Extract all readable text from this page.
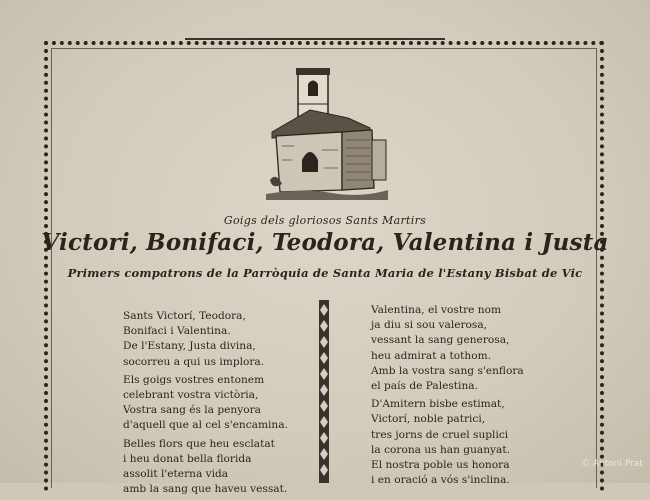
Goigs dels gloriosos Sants Martirs
Victori, Bonifaci, Teodora, Valentina i Justa
Primers compatrons de la Parròquia de Santa Maria de l'Estany Bisbat de Vic
Sants Victorí, Teodora,
Bonifaci i Valentina.
De l'Estany, Justa divina,
socorreu a qui us implora.
Els goigs vostres entonem
celebrant vostra victòria,
Vostra sang és la penyora
d'aquell que al cel s'encamina.
Belles flors que heu esclatat
i heu donat bella florida
assolit l'eterna vida
amb la sang que haveu vessat.
Valentina, el vostre nom
ja diu si sou valerosa,
vessant la sang generosa,
heu admirat a tothom.
Amb la vostra sang s'enflora
el país de Palestina.
D'Amitern bisbe estimat,
Victorí, noble patrici,
tres jorns de cruel suplici
la corona us han guanyat.
El nostra poble us honora
i en oració a vós s'inclina.
© Antoni Prat
